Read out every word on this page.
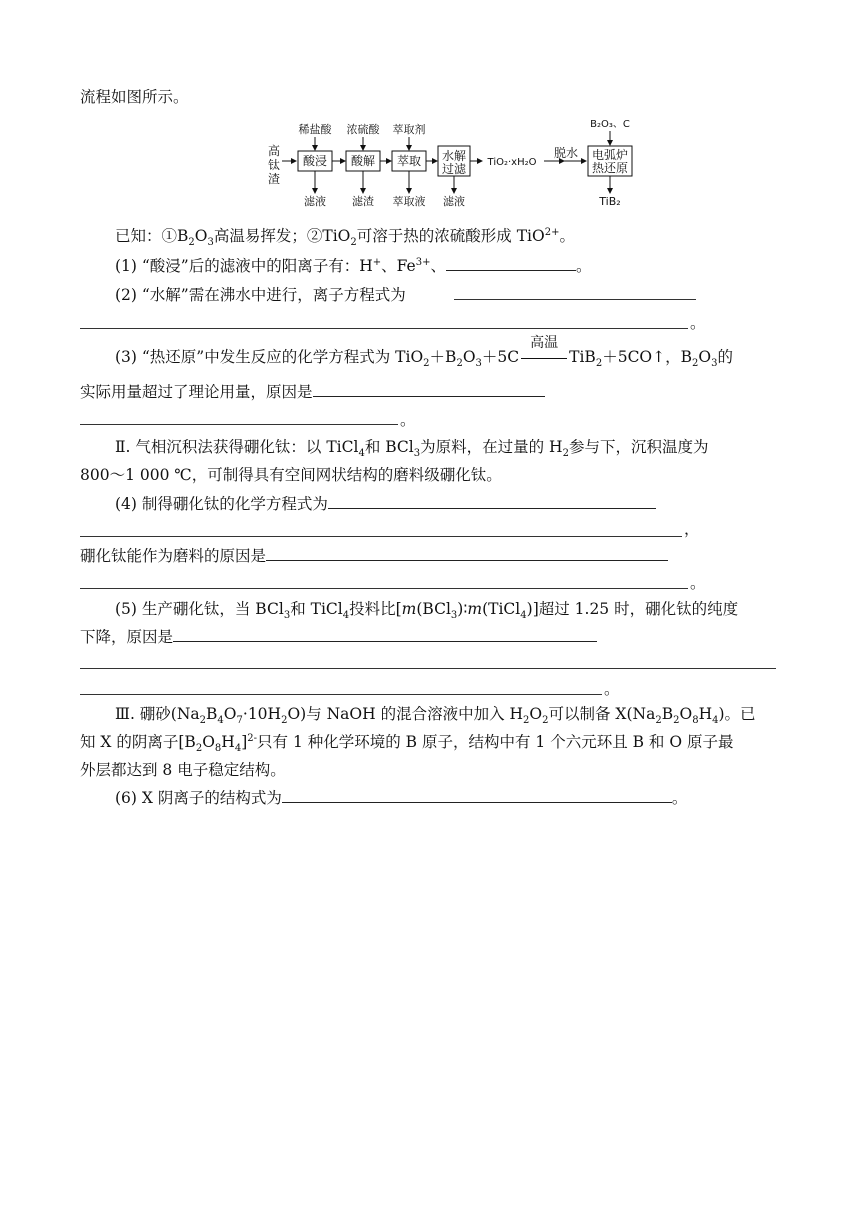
流程如图所示。
高
钛
渣
酸浸
稀盐酸
滤液
酸解
浓硫酸
滤渣
萃取
萃取剂
萃取液
水解
过滤
滤液
TiO₂·xH₂O
脱水 电弧炉
热还原
B₂O₃、C
TiB₂
已知：$①B_2O_3$高温易挥发；②TiO$_2$可溶于热的浓硫酸形成 TiO$^{2+}$。
(1) “酸浸”后的滤液中的阳离子有：H+、$Fe^{3+}$、	。
(2) “水解”需在沸水中进行，离子方程式为
。
(3) “热还原”中发生反应的化学方程式为 $TiO_2+B_2O_3+5C$
高温
TiB$_2$＋5CO↑，$B_2O_3$的
实际用量超过了理论用量，原因是
。
Ⅱ. 气相沉积法获得硼化钛：以 TiCl$_4$和 BCl$_3$为原料，在过量的 $H_2$参与下，沉积温度为
800～1 000 ℃，可制得具有空间网状结构的磨料级硼化钛。
(4) 制得硼化钛的化学方程式为
，
硼化钛能作为磨料的原因是
。
(5) 生产硼化钛，当 BCl$_3$和 TiCl$_4$投料比[m(BCl$_3$)∶m(TiCl$_4$)]超过 1.25 时，硼化钛的纯度
下降，原因是
。
Ⅲ. 硼砂$(Na_2B_4O_7\cdot 10H_2O)$与 NaOH 的混合溶液中加入 $H_2O_2$可以制备 $X(Na_2B_2O_8H_4)$。已
知 X 的阴离子$[B_2O_8H_4]^{2-}$只有 1 种化学环境的 B 原子，结构中有 1 个六元环且 B 和 O 原子最
外层都达到 8 电子稳定结构。
(6) X 阴离子的结构式为	。
